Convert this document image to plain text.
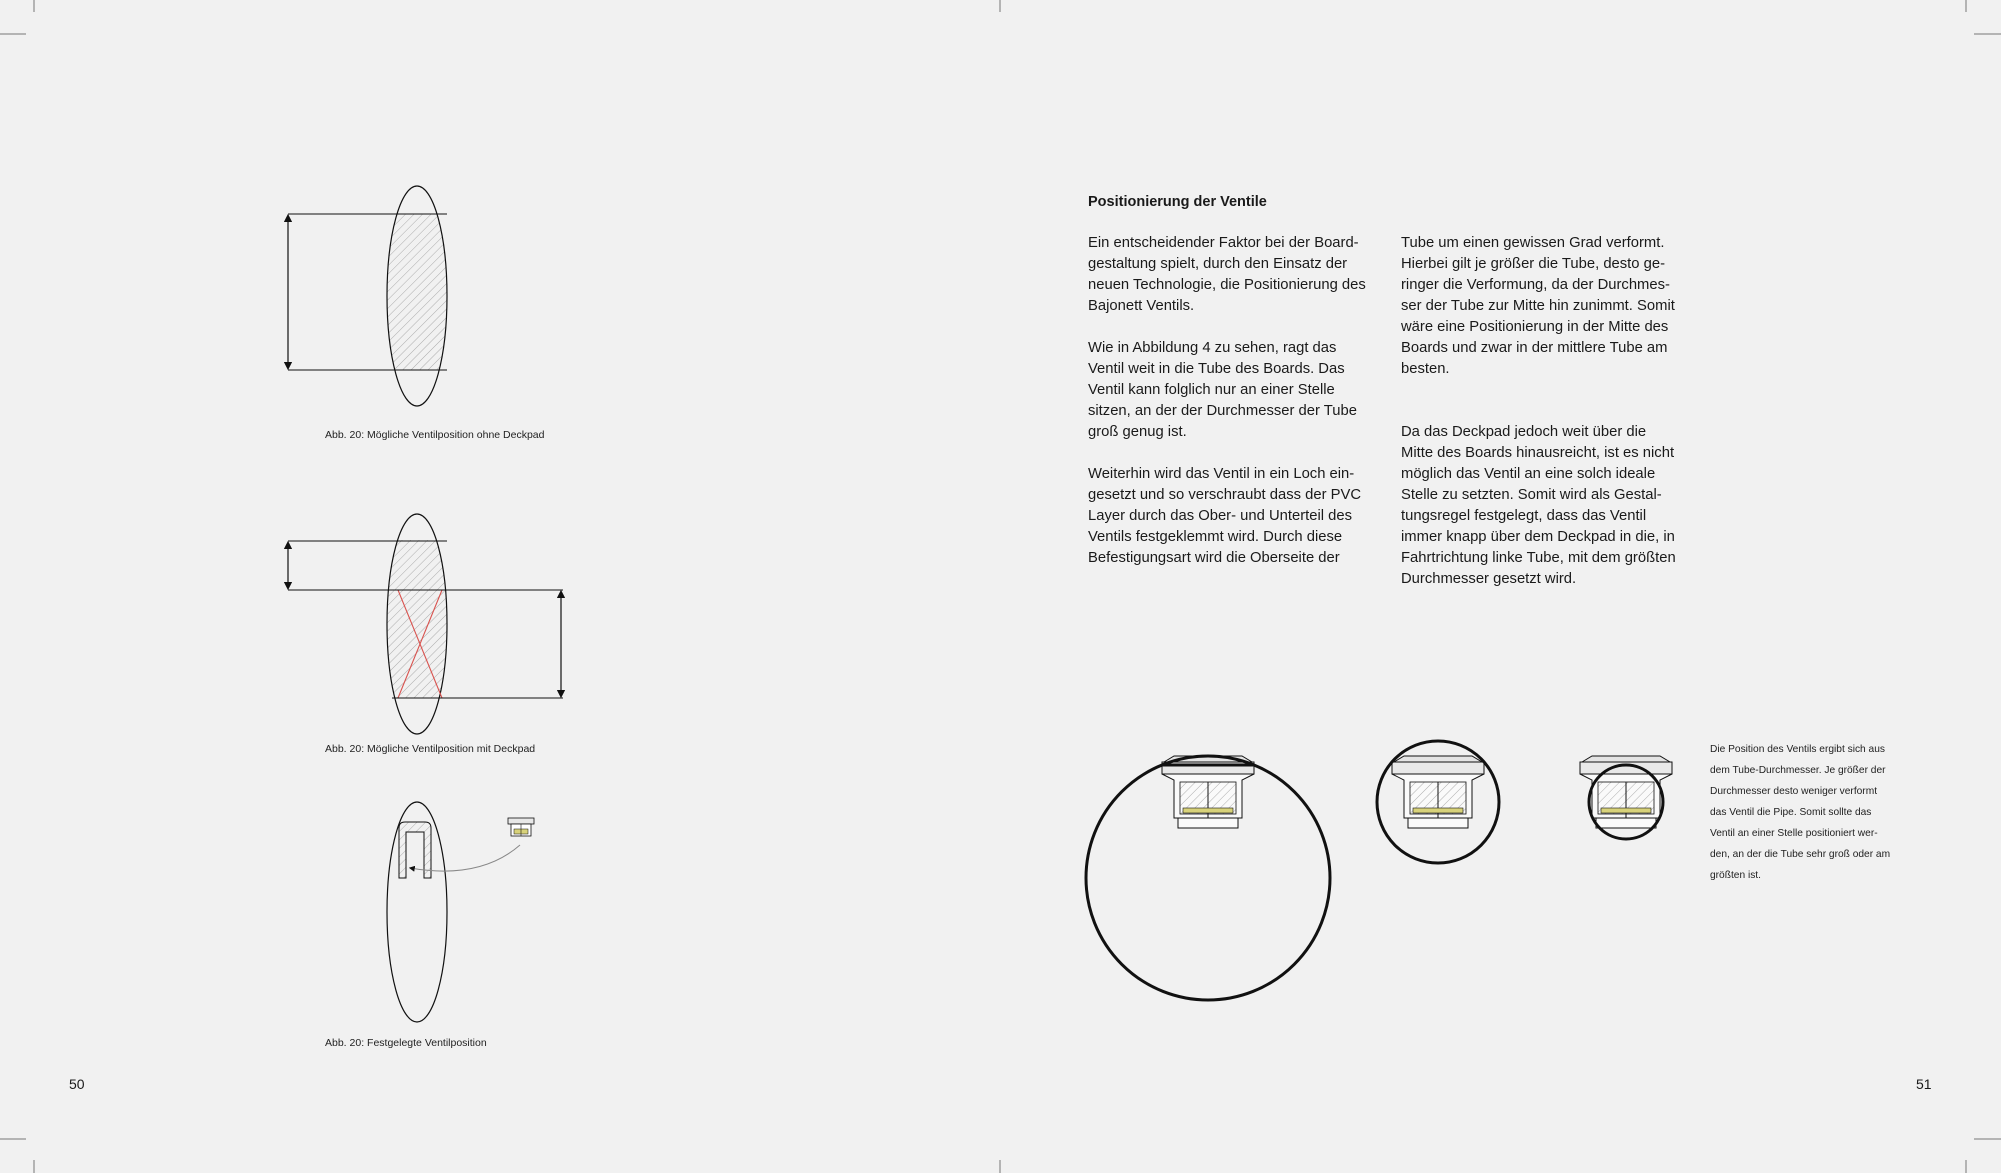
Abb. 20: Mögliche Ventilposition ohne Deckpad
Abb. 20: Mögliche Ventilposition mit Deckpad
Abb. 20: Festgelegte Ventilposition
50
Positionierung der Ventile
Ein entscheidender Faktor bei der Board-
gestaltung spielt, durch den Einsatz der
neuen Technologie, die Positionierung des
Bajonett Ventils.
Wie in Abbildung 4 zu sehen, ragt das
Ventil weit in die Tube des Boards. Das
Ventil kann folglich nur an einer Stelle
sitzen, an der der Durchmesser der Tube
groß genug ist.
Weiterhin wird das Ventil in ein Loch ein-
gesetzt und so verschraubt dass der PVC
Layer durch das Ober- und Unterteil des
Ventils festgeklemmt wird. Durch diese
Befestigungsart wird die Oberseite der
Tube um einen gewissen Grad verformt.
Hierbei gilt je größer die Tube, desto ge-
ringer die Verformung, da der Durchmes-
ser der Tube zur Mitte hin zunimmt. Somit
wäre eine Positionierung in der Mitte des
Boards und zwar in der mittlere Tube am
besten.
Da das Deckpad jedoch weit über die
Mitte des Boards hinausreicht, ist es nicht
möglich das Ventil an eine solch ideale
Stelle zu setzten. Somit wird als Gestal-
tungsregel festgelegt, dass das Ventil
immer knapp über dem Deckpad in die, in
Fahrtrichtung linke Tube, mit dem größten
Durchmesser gesetzt wird.
Die Position des Ventils ergibt sich aus
dem Tube-Durchmesser. Je größer der
Durchmesser desto weniger verformt
das Ventil die Pipe. Somit sollte das
Ventil an einer Stelle positioniert wer-
den, an der die Tube sehr groß oder am
größten ist.
51
